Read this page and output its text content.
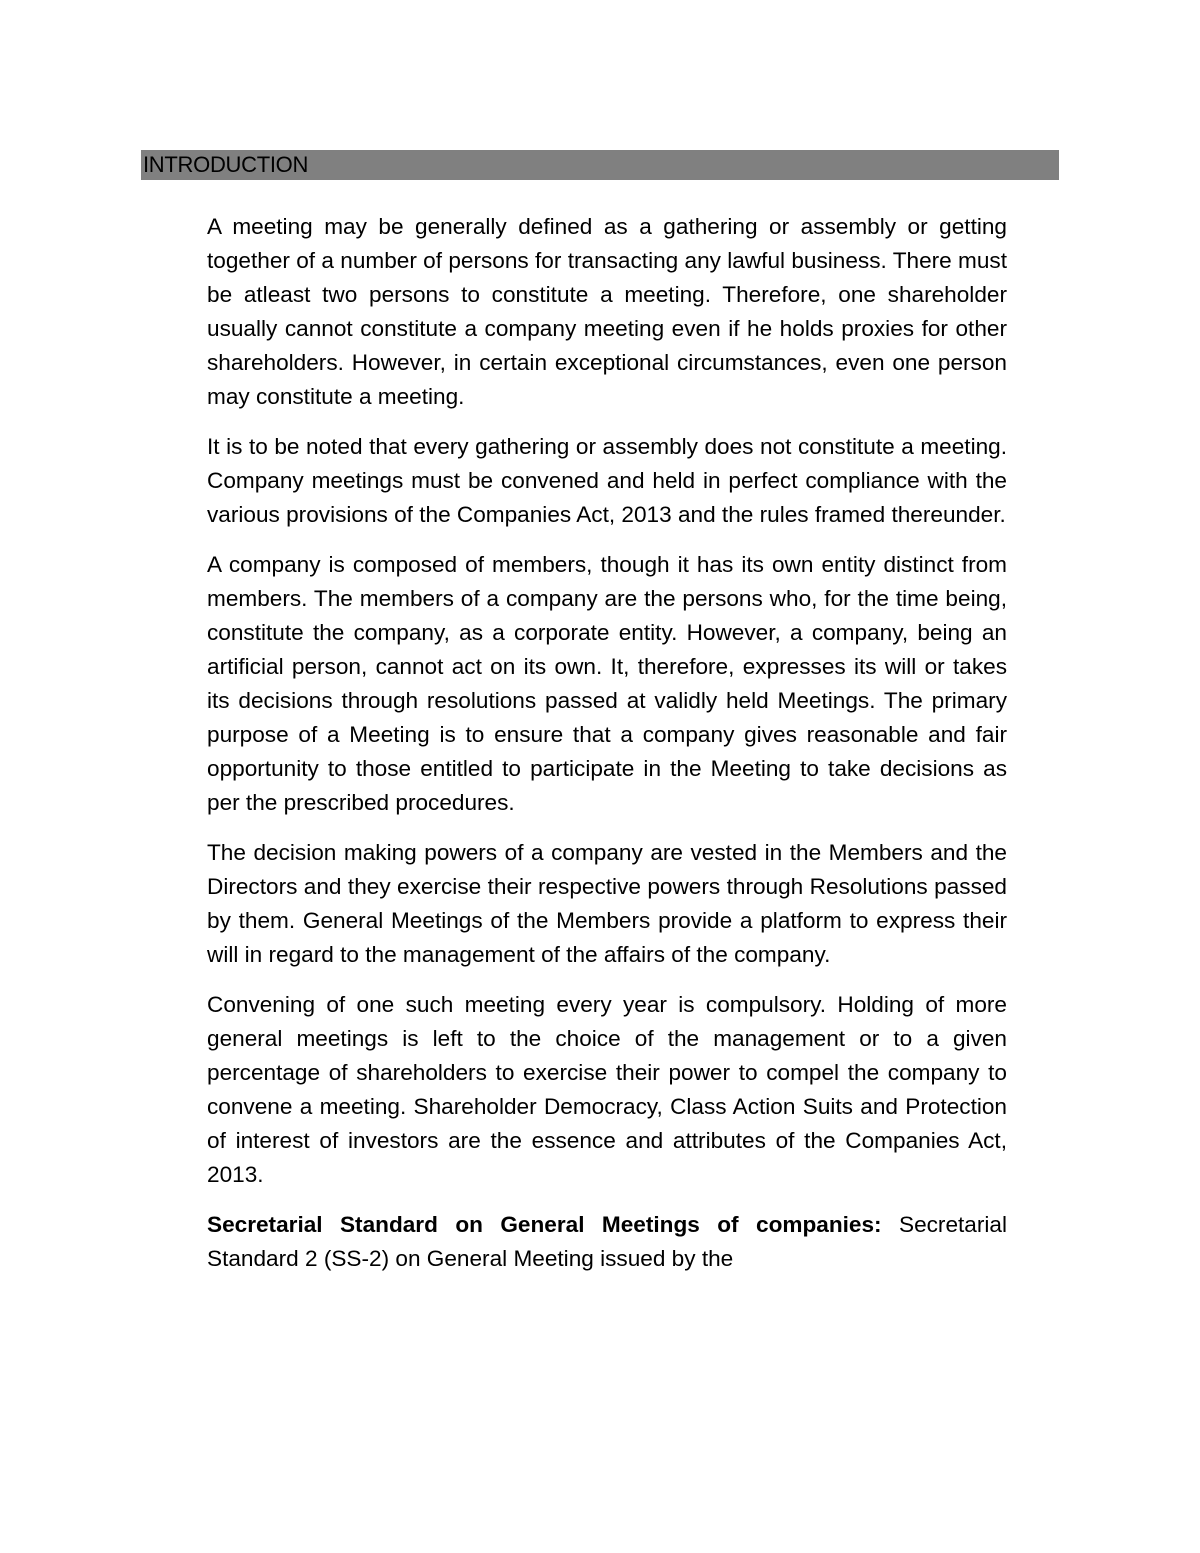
INTRODUCTION

A meeting may be generally defined as a gathering or assembly or getting together of a number of persons for transacting any lawful business. There must be atleast two persons to constitute a meeting. Therefore, one shareholder usually cannot constitute a company meeting even if he holds proxies for other shareholders. However, in certain exceptional circumstances, even one person may constitute a meeting.

It is to be noted that every gathering or assembly does not constitute a meeting. Company meetings must be convened and held in perfect compliance with the various provisions of the Companies Act, 2013 and the rules framed thereunder.

A company is composed of members, though it has its own entity distinct from members. The members of a company are the persons who, for the time being, constitute the company, as a corporate entity. However, a company, being an artificial person, cannot act on its own. It, therefore, expresses its will or takes its decisions through resolutions passed at validly held Meetings. The primary purpose of a Meeting is to ensure that a company gives reasonable and fair opportunity to those entitled to participate in the Meeting to take decisions as per the prescribed procedures.

The decision making powers of a company are vested in the Members and the Directors and they exercise their respective powers through Resolutions passed by them. General Meetings of the Members provide a platform to express their will in regard to the management of the affairs of the company.

Convening of one such meeting every year is compulsory. Holding of more general meetings is left to the choice of the management or to a given percentage of shareholders to exercise their power to compel the company to convene a meeting. Shareholder Democracy, Class Action Suits and Protection of interest of investors are the essence and attributes of the Companies Act, 2013.

Secretarial Standard on General Meetings of companies: Secretarial Standard 2 (SS-2) on General Meeting issued by the
